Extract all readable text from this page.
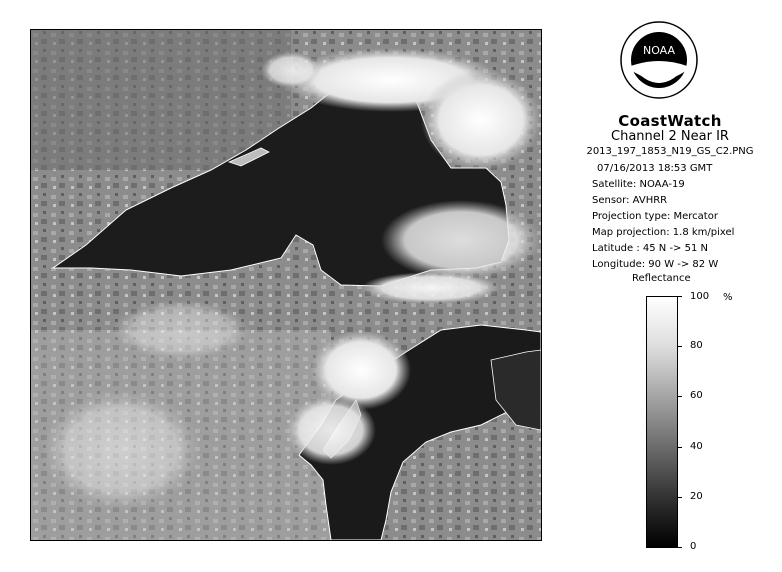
NOAA
CoastWatch
Channel 2 Near IR
2013_197_1853_N19_GS_C2.PNG
07/16/2013 18:53 GMT
Satellite: NOAA-19
Sensor: AVHRR
Projection type: Mercator
Map projection: 1.8 km/pixel
Latitude : 45 N -> 51 N
Longitude: 90 W -> 82 W
Reflectance
100
80
60
40
20
0
%
